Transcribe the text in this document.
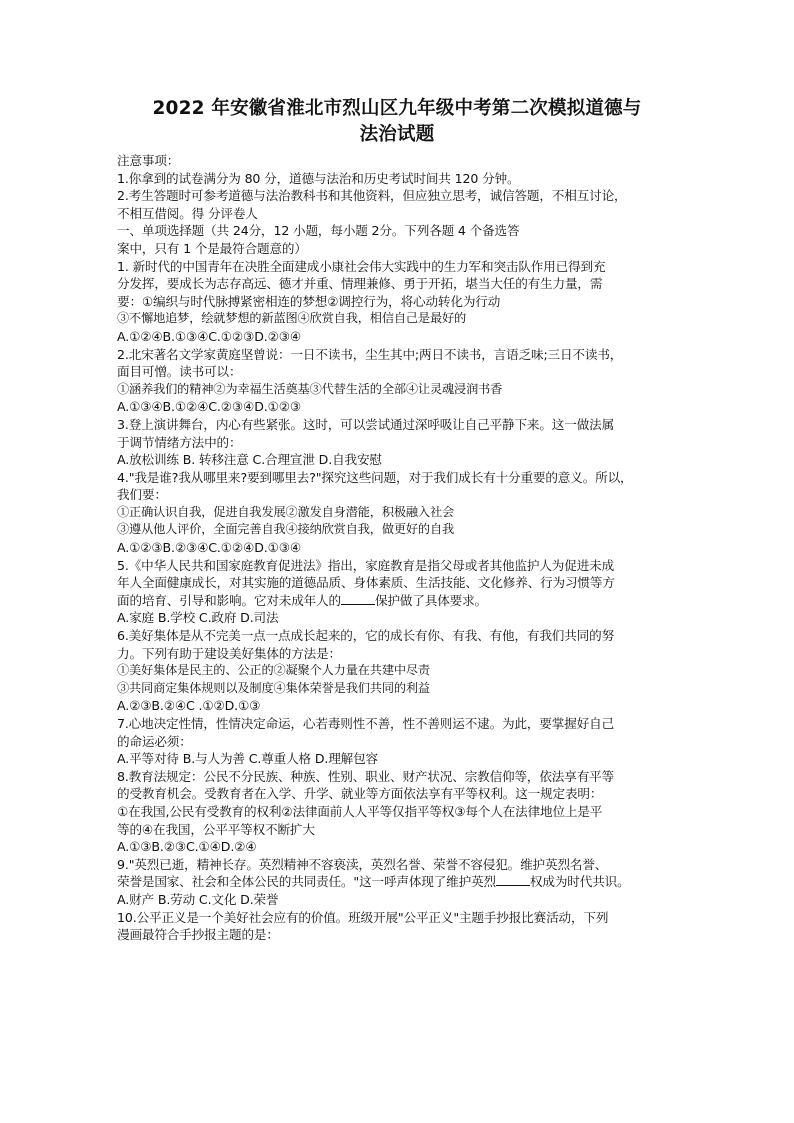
2022 年安徽省淮北市烈山区九年级中考第二次模拟道德与
法治试题
注意事项：
1.你拿到的试卷满分为 80 分，道德与法治和历史考试时间共 120 分钟。
2.考生答题时可参考道德与法治教科书和其他资料，但应独立思考，诚信答题，不相互讨论，
不相互借阅。得 分评卷人
一、单项选择题（共 24分，12 小题，每小题 2分。下列各题 4 个备选答
案中，只有 1 个是最符合题意的）
1. 新时代的中国青年在决胜全面建成小康社会伟大实践中的生力军和突击队作用已得到充
分发挥，要成长为志存高远、德才并重、情理兼修、勇于开拓，堪当大任的有生力量，需
要：①编织与时代脉搏紧密相连的梦想②调控行为，将心动转化为行动
③不懈地追梦，绘就梦想的新蓝图④欣赏自我，相信自己是最好的
A.①②④B.①③④C.①②③D.②③④
2.北宋著名文学家黄庭坚曾说：一日不读书，尘生其中;两日不读书，言语乏味;三日不读书，
面目可憎。读书可以：
①涵养我们的精神②为幸福生活奠基③代替生活的全部④让灵魂浸润书香
A.①③④B.①②④C.②③④D.①②③
3.登上演讲舞台，内心有些紧张。这时，可以尝试通过深呼吸让自己平静下来。这一做法属
于调节情绪方法中的：
A.放松训练 B. 转移注意 C.合理宣泄 D.自我安慰
4."我是谁?我从哪里来?要到哪里去?"探究这些问题，对于我们成长有十分重要的意义。所以，
我们要：
①正确认识自我，促进自我发展②激发自身潜能，积极融入社会
③遵从他人评价，全面完善自我④接纳欣赏自我，做更好的自我
A.①②③B.②③④C.①②④D.①③④
5.《中华人民共和国家庭教育促进法》指出，家庭教育是指父母或者其他监护人为促进未成
年人全面健康成长，对其实施的道德品质、身体素质、生活技能、文化修养、行为习惯等方
面的培育、引导和影响。它对未成年人的	保护做了具体要求。
A.家庭 B.学校 C.政府 D.司法
6.美好集体是从不完美一点一点成长起来的，它的成长有你、有我、有他，有我们共同的努
力。下列有助于建设美好集体的方法是：
①美好集体是民主的、公正的②凝聚个人力量在共建中尽责
③共同商定集体规则以及制度④集体荣誉是我们共同的利益
A.②③B.②④C .①②D.①③
7.心地决定性情，性情决定命运，心若毒则性不善，性不善则运不逮。为此，要掌握好自己
的命运必须：
A.平等对待 B.与人为善 C.尊重人格 D.理解包容
8.教育法规定：公民不分民族、种族、性别、职业、财产状况、宗教信仰等，依法享有平等
的受教育机会。受教育者在入学、升学、就业等方面依法享有平等权利。这一规定表明：
①在我国,公民有受教育的权利②法律面前人人平等仅指平等权③每个人在法律地位上是平
等的④在我国，公平平等权不断扩大
A.①③B.②③C.①④D.②④
9."英烈已逝，精神长存。英烈精神不容亵渎，英烈名誉、荣誉不容侵犯。维护英烈名誉、
荣誉是国家、社会和全体公民的共同责任。"这一呼声体现了维护英烈	权成为时代共识。
A.财产 B.劳动 C.文化 D.荣誉
10.公平正义是一个美好社会应有的价值。班级开展"公平正义"主题手抄报比赛活动，下列
漫画最符合手抄报主题的是：
